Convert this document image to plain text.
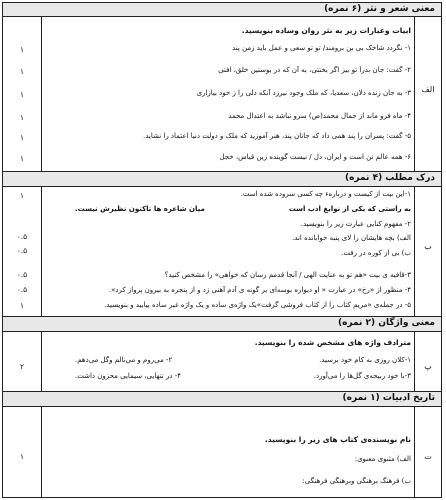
معنی شعر و نثر (۶ نمره)
۱
۱
۱
۱
۱
۱
ابیات وعبارات زیر به نثر روان وساده بنویسید.
۱- نگردد شاخک بی بن برومند/ تو تو سعی و عمل باید زمن پند
۲- گفت: جان بدرا تو بیز اگر بختتی، به آن که در بوستین خلق، افتی
۳- به جان زنده دلان، سعدیا، که ملک وجود نیرزد آنکه دلی را ز خود بیازاری
۴- ماه فرو ماند از جمال محمد(ص) سرو نباشد به اعتدال محمد
۵- گفت: پسران را پند همی داد که جانان پند، هنر آموزید که ملک و دولت دنیا اعتماد را نشاید.
۶- همه عالم تن است و ایران، دل / نیست گوینده زین قیاس، خجل
الف
درک مطلب (۴ نمره)
۱
۰.۵
۰.۵
۰.۵
۰.۵
۱
۱-این بیت از کیست و دربارهء چه کسی سروده شده است.
به راستی که یکی از نوابغ ادب است
میان شاعره ها تاکنون نظیرش نیست.
۲- مفهوم کنایی عبارت زیر را بنویسید.
الف) بچه هایشان را لای پنبه خوابانده اند.
ب) بی از کوره در رفت.
۳-قافیه ی بیت «هم تو به عنایت الهی / آنجا قدمم رسان که خواهی» را مشخص کنید؟
۴- منظور از «رخ» در عبارت « او دیواره بوسه‌ای بر گونه ی آدم آهنی زد و از پنجره به بیرون پرواز کرد».
۵- در جمله‌ی «مریم کتاب را از کتاب فروشی گرفت»یک واژه‌ی ساده و یک واژه غیر ساده بیابید و بنویسید.
ب
معنی واژگان (۲ نمره)
۲
مترادف واژه های مشخص شده را بنویسید.
۱-کلان روزی به کام خود برسید.
۲- می‌روم و می‌نالم وگل می‌دهم.
۳-با خود ربیحه‌ی گل‌ها را می‌آورد.
۴- در تنهایی، سیمایی محزون داشت.
پ
تاریخ ادبیات (۱ نمره)
۱
نام نویسنده‌ی کتاب های زیر را بنویسید.
الف) مثنوی معنوی:
ب) فرهنگ برهنگی وبرهنگی فرهنگی:
ت
